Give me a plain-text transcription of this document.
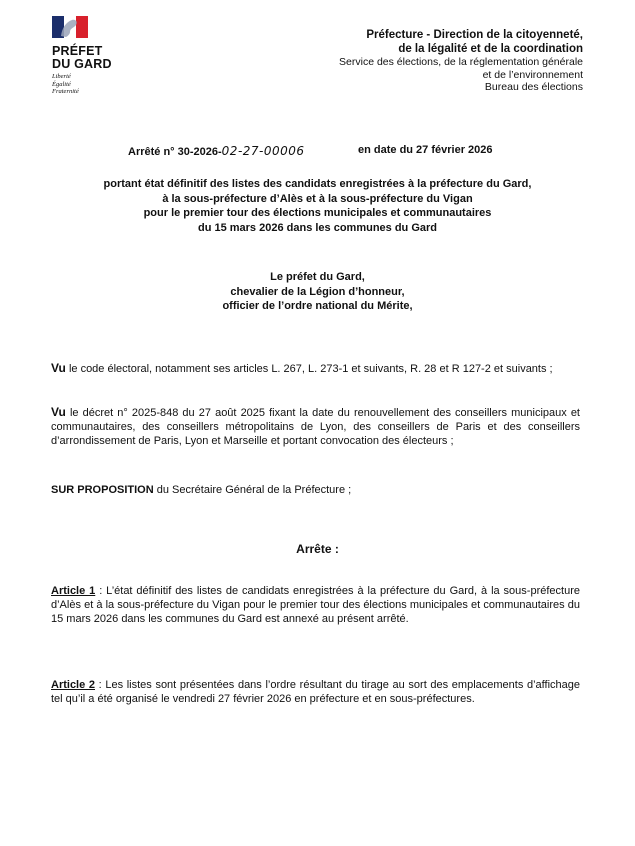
PRÉFET
DU GARD
Liberté
Égalité
Fraternité
Préfecture - Direction de la citoyenneté,
de la légalité et de la coordination
Service des élections, de la réglementation générale
et de l’environnement
Bureau des élections
Arrêté n° 30-2026-02-27-00006	en date du 27 février 2026
portant état définitif des listes des candidats enregistrées à la préfecture du Gard,
à la sous-préfecture d’Alès et à la sous-préfecture du Vigan
pour le premier tour des élections municipales et communautaires
du 15 mars 2026 dans les communes du Gard
Le préfet du Gard,
chevalier de la Légion d’honneur,
officier de l’ordre national du Mérite,
Vu le code électoral, notamment ses articles L. 267, L. 273-1 et suivants, R. 28 et R 127-2 et suivants ;
Vu le décret n° 2025-848 du 27 août 2025 fixant la date du renouvellement des conseillers municipaux et communautaires, des conseillers métropolitains de Lyon, des conseillers de Paris et des conseillers d’arrondissement de Paris, Lyon et Marseille et portant convocation des électeurs ;
SUR PROPOSITION du Secrétaire Général de la Préfecture ;
Arrête :
Article 1 : L’état définitif des listes de candidats enregistrées à la préfecture du Gard, à la sous-préfecture d’Alès et à la sous-préfecture du Vigan pour le premier tour des élections municipales et communautaires du 15 mars 2026 dans les communes du Gard est annexé au présent arrêté.
Article 2 : Les listes sont présentées dans l’ordre résultant du tirage au sort des emplacements d’affichage tel qu’il a été organisé le vendredi 27 février 2026 en préfecture et en sous-préfectures.
